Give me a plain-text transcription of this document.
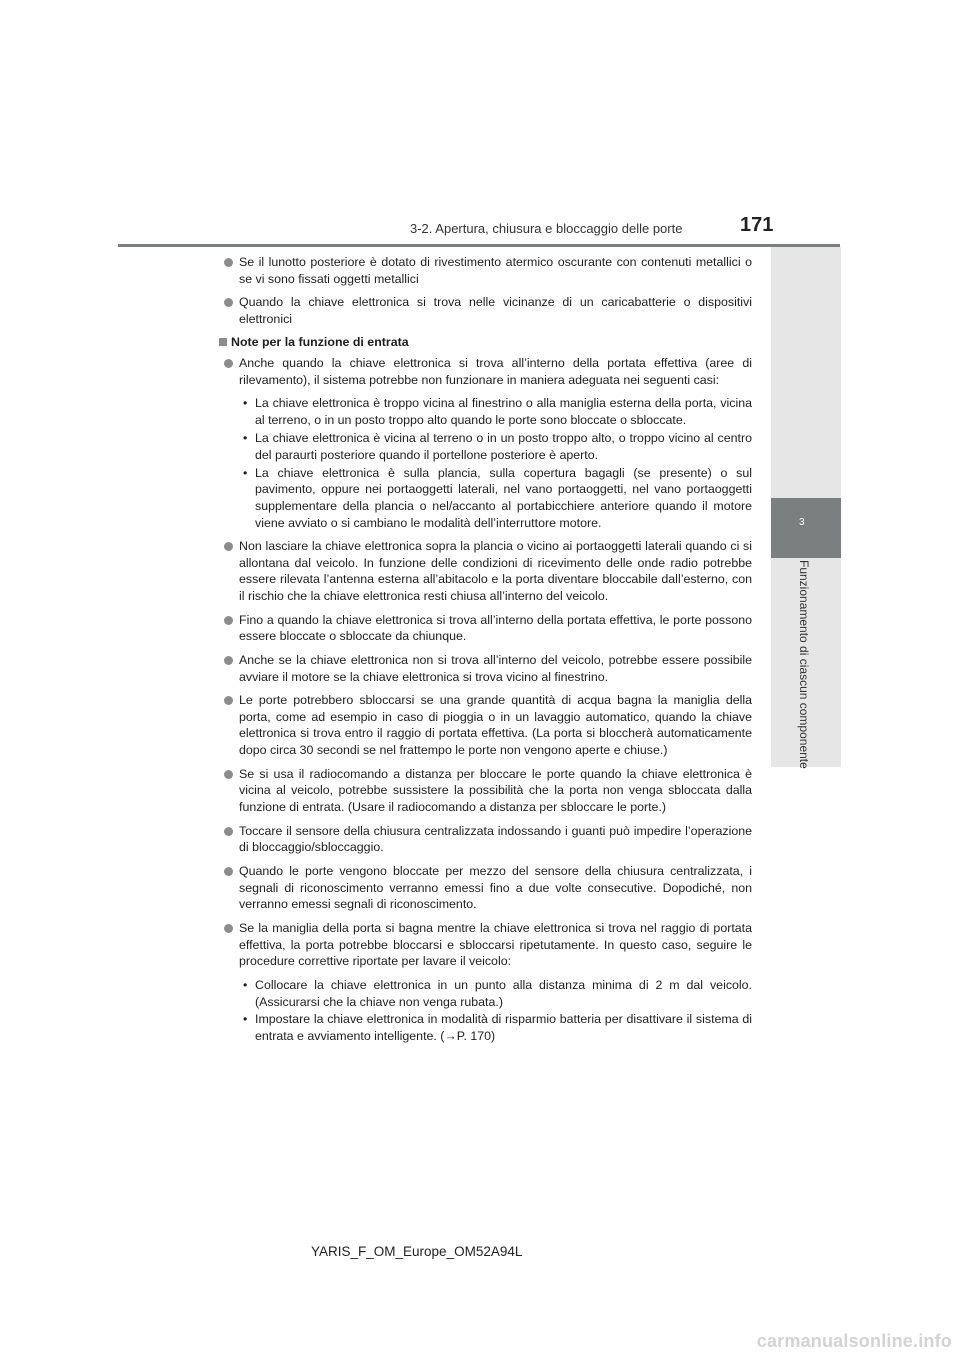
3-2. Apertura, chiusura e bloccaggio delle porte	171
3
Funzionamento di ciascun componente

Se il lunotto posteriore è dotato di rivestimento atermico oscurante con contenuti metallici o se vi sono fissati oggetti metallici

Quando la chiave elettronica si trova nelle vicinanze di un caricabatterie o dispositivi elettronici

Note per la funzione di entrata

Anche quando la chiave elettronica si trova all’interno della portata effettiva (aree di rilevamento), il sistema potrebbe non funzionare in maniera adeguata nei seguenti casi:

• La chiave elettronica è troppo vicina al finestrino o alla maniglia esterna della porta, vicina al terreno, o in un posto troppo alto quando le porte sono bloccate o sbloccate.

• La chiave elettronica è vicina al terreno o in un posto troppo alto, o troppo vicino al centro del paraurti posteriore quando il portellone posteriore è aperto.

• La chiave elettronica è sulla plancia, sulla copertura bagagli (se presente) o sul pavimento, oppure nei portaoggetti laterali, nel vano portaoggetti, nel vano portaoggetti supplementare della plancia o nel/accanto al portabicchiere anteriore quando il motore viene avviato o si cambiano le modalità dell’interruttore motore.

Non lasciare la chiave elettronica sopra la plancia o vicino ai portaoggetti laterali quando ci si allontana dal veicolo. In funzione delle condizioni di ricevimento delle onde radio potrebbe essere rilevata l’antenna esterna all’abitacolo e la porta diventare bloccabile dall’esterno, con il rischio che la chiave elettronica resti chiusa all’interno del veicolo.

Fino a quando la chiave elettronica si trova all’interno della portata effettiva, le porte possono essere bloccate o sbloccate da chiunque.

Anche se la chiave elettronica non si trova all’interno del veicolo, potrebbe essere possibile avviare il motore se la chiave elettronica si trova vicino al finestrino.

Le porte potrebbero sbloccarsi se una grande quantità di acqua bagna la maniglia della porta, come ad esempio in caso di pioggia o in un lavaggio automatico, quando la chiave elettronica si trova entro il raggio di portata effettiva. (La porta si bloccherà automaticamente dopo circa 30 secondi se nel frattempo le porte non vengono aperte e chiuse.)

Se si usa il radiocomando a distanza per bloccare le porte quando la chiave elettronica è vicina al veicolo, potrebbe sussistere la possibilità che la porta non venga sbloccata dalla funzione di entrata. (Usare il radiocomando a distanza per sbloccare le porte.)

Toccare il sensore della chiusura centralizzata indossando i guanti può impedire l’operazione di bloccaggio/sbloccaggio.

Quando le porte vengono bloccate per mezzo del sensore della chiusura centralizzata, i segnali di riconoscimento verranno emessi fino a due volte consecutive. Dopodiché, non verranno emessi segnali di riconoscimento.

Se la maniglia della porta si bagna mentre la chiave elettronica si trova nel raggio di portata effettiva, la porta potrebbe bloccarsi e sbloccarsi ripetutamente. In questo caso, seguire le procedure correttive riportate per lavare il veicolo:

• Collocare la chiave elettronica in un punto alla distanza minima di 2 m dal veicolo. (Assicurarsi che la chiave non venga rubata.)

• Impostare la chiave elettronica in modalità di risparmio batteria per disattivare il sistema di entrata e avviamento intelligente. (→P. 170)

YARIS_F_OM_Europe_OM52A94L
carmanualsonline.info
